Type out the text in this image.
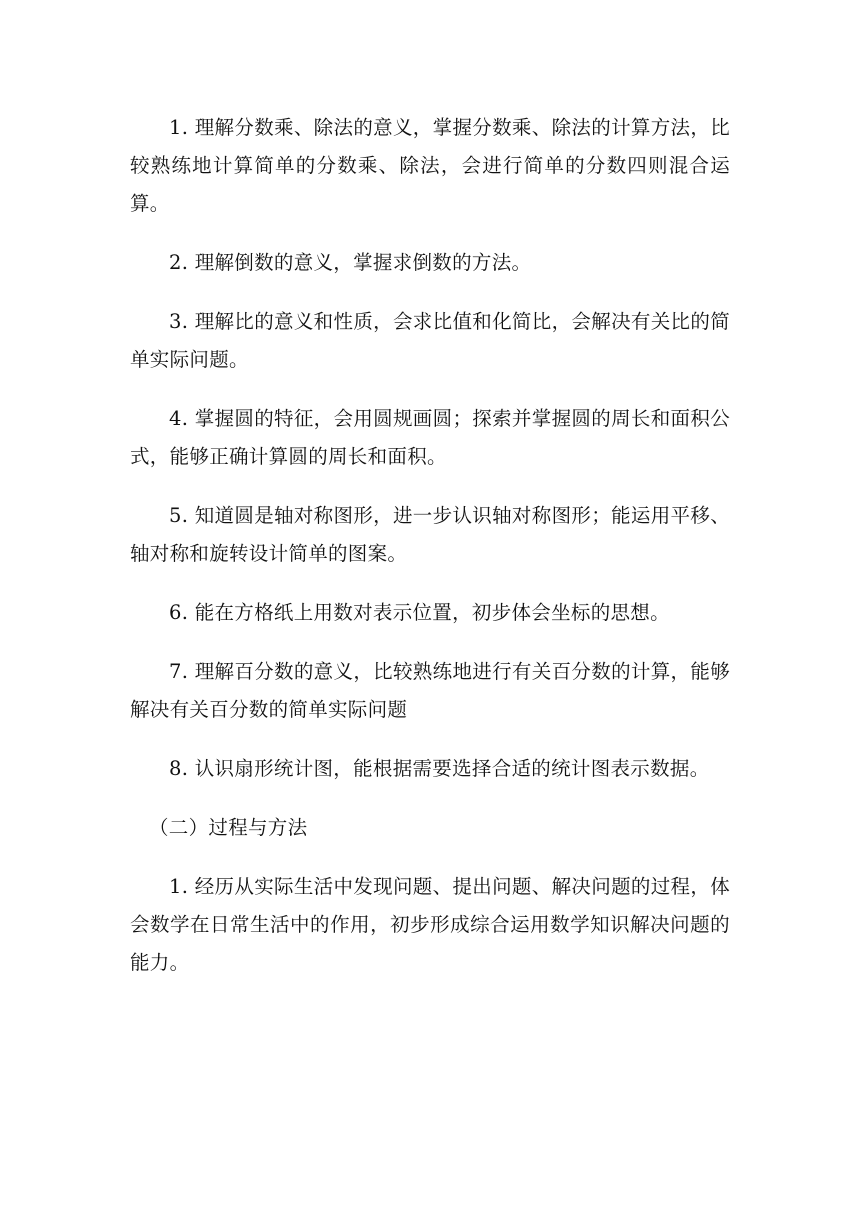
1. 理解分数乘、除法的意义，掌握分数乘、除法的计算方法，比较熟练地计算简单的分数乘、除法，会进行简单的分数四则混合运算。

2. 理解倒数的意义，掌握求倒数的方法。

3. 理解比的意义和性质，会求比值和化简比，会解决有关比的简单实际问题。

4. 掌握圆的特征，会用圆规画圆；探索并掌握圆的周长和面积公式，能够正确计算圆的周长和面积。

5. 知道圆是轴对称图形，进一步认识轴对称图形；能运用平移、轴对称和旋转设计简单的图案。

6. 能在方格纸上用数对表示位置，初步体会坐标的思想。

7. 理解百分数的意义，比较熟练地进行有关百分数的计算，能够解决有关百分数的简单实际问题

8. 认识扇形统计图，能根据需要选择合适的统计图表示数据。

（二）过程与方法

1. 经历从实际生活中发现问题、提出问题、解决问题的过程，体会数学在日常生活中的作用，初步形成综合运用数学知识解决问题的能力。
